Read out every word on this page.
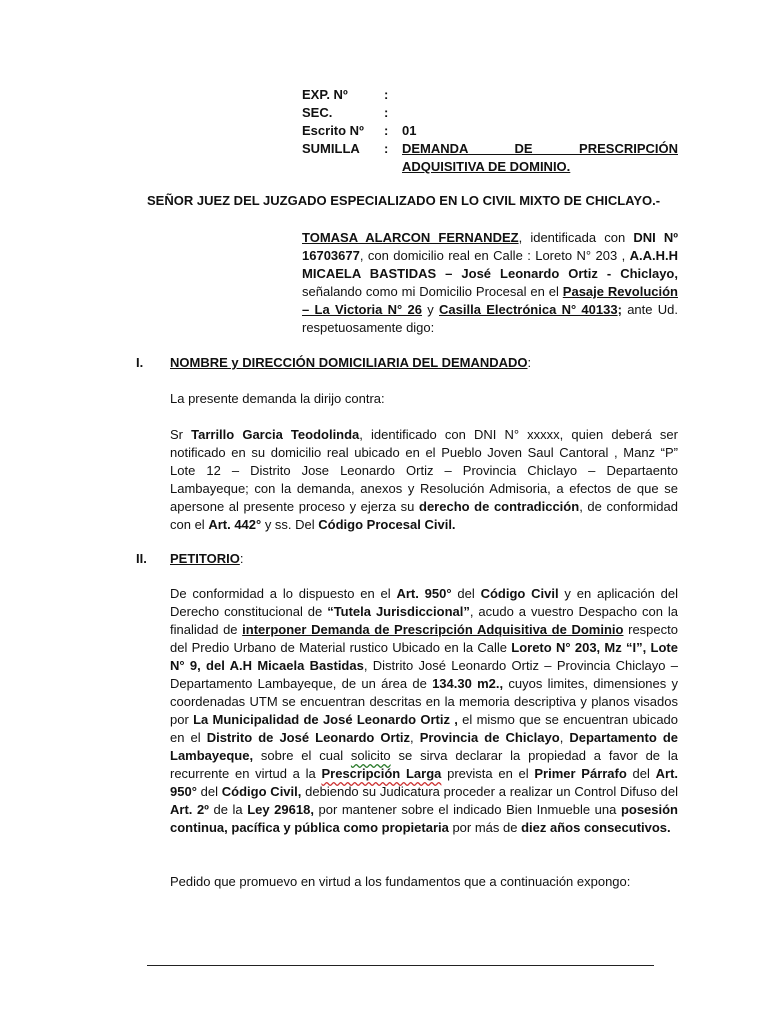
EXP. Nº	:
SEC.	:
Escrito Nº	:	01
SUMILLA	:	DEMANDA DE PRESCRIPCIÓN ADQUISITIVA DE DOMINIO.
SEÑOR JUEZ DEL JUZGADO ESPECIALIZADO EN LO CIVIL MIXTO DE CHICLAYO.-
TOMASA ALARCON FERNANDEZ, identificada con DNI Nº 16703677, con domicilio real en Calle : Loreto N° 203 , A.A.H.H MICAELA BASTIDAS – José Leonardo Ortiz - Chiclayo, señalando como mi Domicilio Procesal en el Pasaje Revolución – La Victoria N° 26 y Casilla Electrónica N° 40133; ante Ud. respetuosamente digo:
I.	NOMBRE y DIRECCIÓN DOMICILIARIA DEL DEMANDADO:
La presente demanda la dirijo contra:
Sr Tarrillo Garcia Teodolinda, identificado con DNI N° xxxxx, quien deberá ser notificado en su domicilio real ubicado en el Pueblo Joven Saul Cantoral , Manz “P” Lote 12 – Distrito Jose Leonardo Ortiz – Provincia Chiclayo – Departaento Lambayeque; con la demanda, anexos y Resolución Admisoria, a efectos de que se apersone al presente proceso y ejerza su derecho de contradicción, de conformidad con el Art. 442° y ss. Del Código Procesal Civil.
II.	PETITORIO:
De conformidad a lo dispuesto en el Art. 950° del Código Civil y en aplicación del Derecho constitucional de “Tutela Jurisdiccional”, acudo a vuestro Despacho con la finalidad de interponer Demanda de Prescripción Adquisitiva de Dominio respecto del Predio Urbano de Material rustico Ubicado en la Calle Loreto N° 203, Mz “I”, Lote N° 9, del A.H Micaela Bastidas, Distrito José Leonardo Ortiz – Provincia Chiclayo – Departamento Lambayeque, de un área de 134.30 m2., cuyos limites, dimensiones y coordenadas UTM se encuentran descritas en la memoria descriptiva y planos visados por La Municipalidad de José Leonardo Ortiz , el mismo que se encuentran ubicado en el Distrito de José Leonardo Ortiz, Provincia de Chiclayo, Departamento de Lambayeque, sobre el cual solicito se sirva declarar la propiedad a favor de la recurrente en virtud a la Prescripción Larga prevista en el Primer Párrafo del Art. 950° del Código Civil, debiendo su Judicatura proceder a realizar un Control Difuso del Art. 2º de la Ley 29618, por mantener sobre el indicado Bien Inmueble una posesión continua, pacífica y pública como propietaria por más de diez años consecutivos.
Pedido que promuevo en virtud a los fundamentos que a continuación expongo:
